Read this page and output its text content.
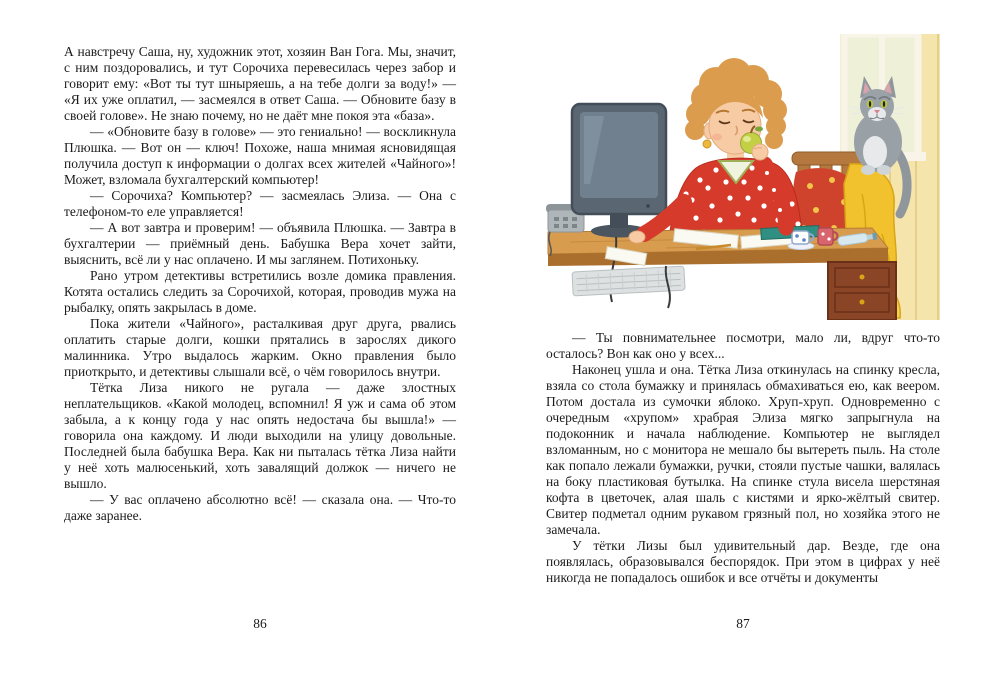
А навстречу Саша, ну, художник этот, хозяин Ван Гога. Мы, значит, с ним поздоровались, и тут Сорочиха перевесилась через забор и говорит ему: «Вот ты тут шныряешь, а на тебе долги за воду!» — «Я их уже оплатил, — засмеялся в ответ Саша. — Обновите базу в своей голове». Не знаю почему, но не даёт мне покоя эта «база».

— «Обновите базу в голове» — это гениально! — воскликнула Плюшка. — Вот он — ключ! Похоже, наша мнимая ясновидящая получила доступ к информации о долгах всех жителей «Чайного»! Может, взломала бухгалтерский компьютер!

— Сорочиха? Компьютер? — засмеялась Элиза. — Она с телефоном-то еле управляется!

— А вот завтра и проверим! — объявила Плюшка. — Завтра в бухгалтерии — приёмный день. Бабушка Вера хочет зайти, выяснить, всё ли у нас оплачено. И мы заглянем. Потихоньку.

Рано утром детективы встретились возле домика правления. Котята остались следить за Сорочихой, которая, проводив мужа на рыбалку, опять закрылась в доме.

Пока жители «Чайного», расталкивая друг друга, рвались оплатить старые долги, кошки прятались в зарослях дикого малинника. Утро выдалось жарким. Окно правления было приоткрыто, и детективы слышали всё, о чём говорилось внутри.

Тётка Лиза никого не ругала — даже злостных неплательщиков. «Какой молодец, вспомнил! Я уж и сама об этом забыла, а к концу года у нас опять недостача бы вышла!» — говорила она каждому. И люди выходили на улицу довольные. Последней была бабушка Вера. Как ни пыталась тётка Лиза найти у неё хоть малюсенький, хоть завалящий должок — ничего не вышло.

— У вас оплачено абсолютно всё! — сказала она. — Что-то даже заранее.

— Ты повнимательнее посмотри, мало ли, вдруг что-то осталось? Вон как оно у всех...

Наконец ушла и она. Тётка Лиза откинулась на спинку кресла, взяла со стола бумажку и принялась обмахиваться ею, как веером. Потом достала из сумочки яблоко. Хруп-хруп. Одновременно с очередным «хрупом» храбрая Элиза мягко запрыгнула на подоконник и начала наблюдение. Компьютер не выглядел взломанным, но с монитора не мешало бы вытереть пыль. На столе как попало лежали бумажки, ручки, стояли пустые чашки, валялась на боку пластиковая бутылка. На спинке стула висела шерстяная кофта в цветочек, алая шаль с кистями и ярко-жёлтый свитер. Свитер подметал одним рукавом грязный пол, но хозяйка этого не замечала.

У тётки Лизы был удивительный дар. Везде, где она появлялась, образовывался беспорядок. При этом в цифрах у неё никогда не попадалось ошибок и все отчёты и документы

86	87
